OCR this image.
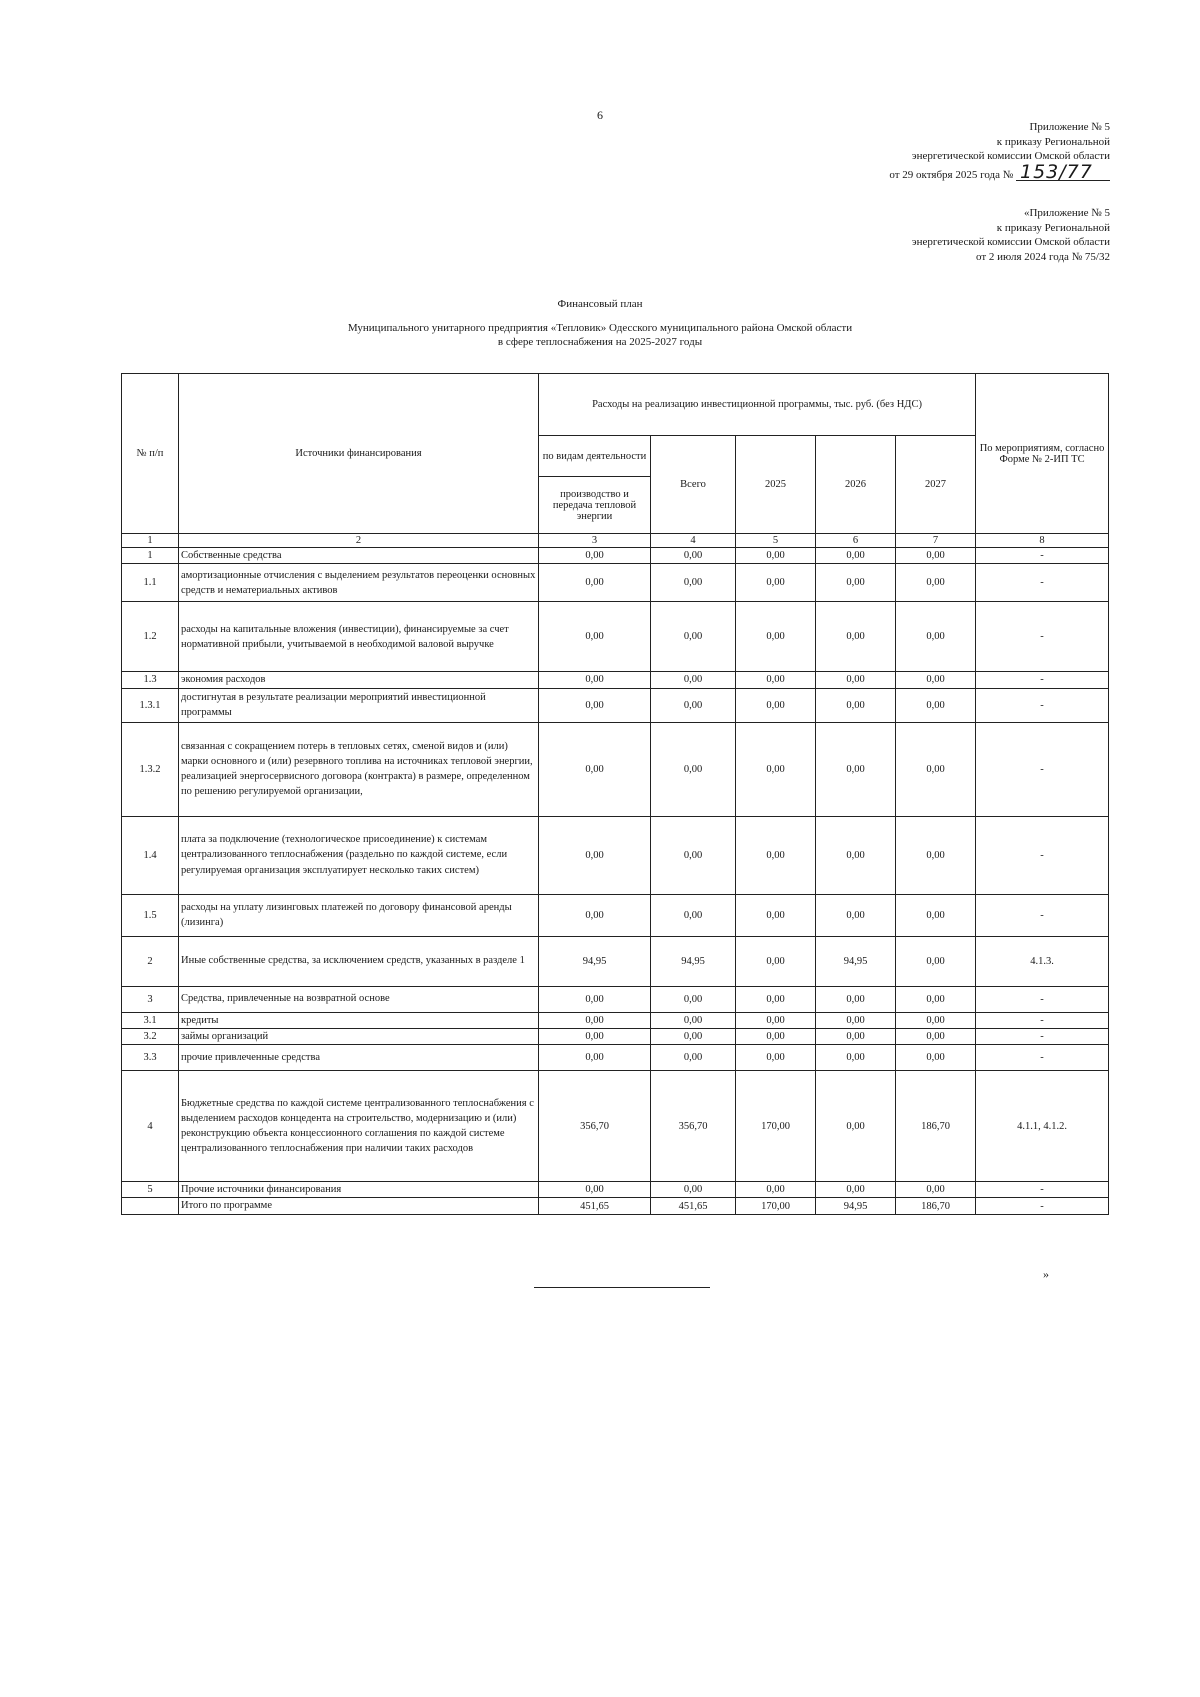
6
Приложение № 5
к приказу Региональной
энергетической комиссии Омской области
от 29 октября 2025 года № 153/77
«Приложение № 5
к приказу Региональной
энергетической комиссии Омской области
от 2 июля 2024 года № 75/32
Финансовый план
Муниципального унитарного предприятия «Тепловик» Одесского муниципального района Омской области
в сфере теплоснабжения на 2025-2027 годы
№ п/п	Источники финансирования	Расходы на реализацию инвестиционной программы, тыс. руб. (без НДС)					По мероприятиям, согласно Форме № 2-ИП ТС
		по видам деятельности	Всего	2025	2026	2027	
		производство и передача тепловой энергии					
1	2	3	4	5	6	7	8
1	Собственные средства	0,00	0,00	0,00	0,00	0,00	-
1.1	амортизационные отчисления с выделением результатов переоценки основных средств и нематериальных активов	0,00	0,00	0,00	0,00	0,00	-
1.2	расходы на капитальные вложения (инвестиции), финансируемые за счет нормативной прибыли, учитываемой в необходимой валовой выручке	0,00	0,00	0,00	0,00	0,00	-
1.3	экономия расходов	0,00	0,00	0,00	0,00	0,00	-
1.3.1	достигнутая в результате реализации мероприятий инвестиционной программы	0,00	0,00	0,00	0,00	0,00	-
1.3.2	связанная с сокращением потерь в тепловых сетях, сменой видов и (или) марки основного и (или) резервного топлива на источниках тепловой энергии, реализацией энергосервисного договора (контракта) в размере, определенном по решению регулируемой организации,	0,00	0,00	0,00	0,00	0,00	-
1.4	плата за подключение (технологическое присоединение) к системам централизованного теплоснабжения (раздельно по каждой системе, если регулируемая организация эксплуатирует несколько таких систем)	0,00	0,00	0,00	0,00	0,00	-
1.5	расходы на уплату лизинговых платежей по договору финансовой аренды (лизинга)	0,00	0,00	0,00	0,00	0,00	-
2	Иные собственные средства, за исключением средств, указанных в разделе 1	94,95	94,95	0,00	94,95	0,00	4.1.3.
3	Средства, привлеченные на возвратной основе	0,00	0,00	0,00	0,00	0,00	-
3.1	кредиты	0,00	0,00	0,00	0,00	0,00	-
3.2	займы организаций	0,00	0,00	0,00	0,00	0,00	-
3.3	прочие привлеченные средства	0,00	0,00	0,00	0,00	0,00	-
4	Бюджетные средства по каждой системе централизованного теплоснабжения с выделением расходов концедента на строительство, модернизацию и (или) реконструкцию объекта концессионного соглашения по каждой системе централизованного теплоснабжения при наличии таких расходов	356,70	356,70	170,00	0,00	186,70	4.1.1, 4.1.2.
5	Прочие источники финансирования	0,00	0,00	0,00	0,00	0,00	-
	Итого по программе	451,65	451,65	170,00	94,95	186,70	-
»
